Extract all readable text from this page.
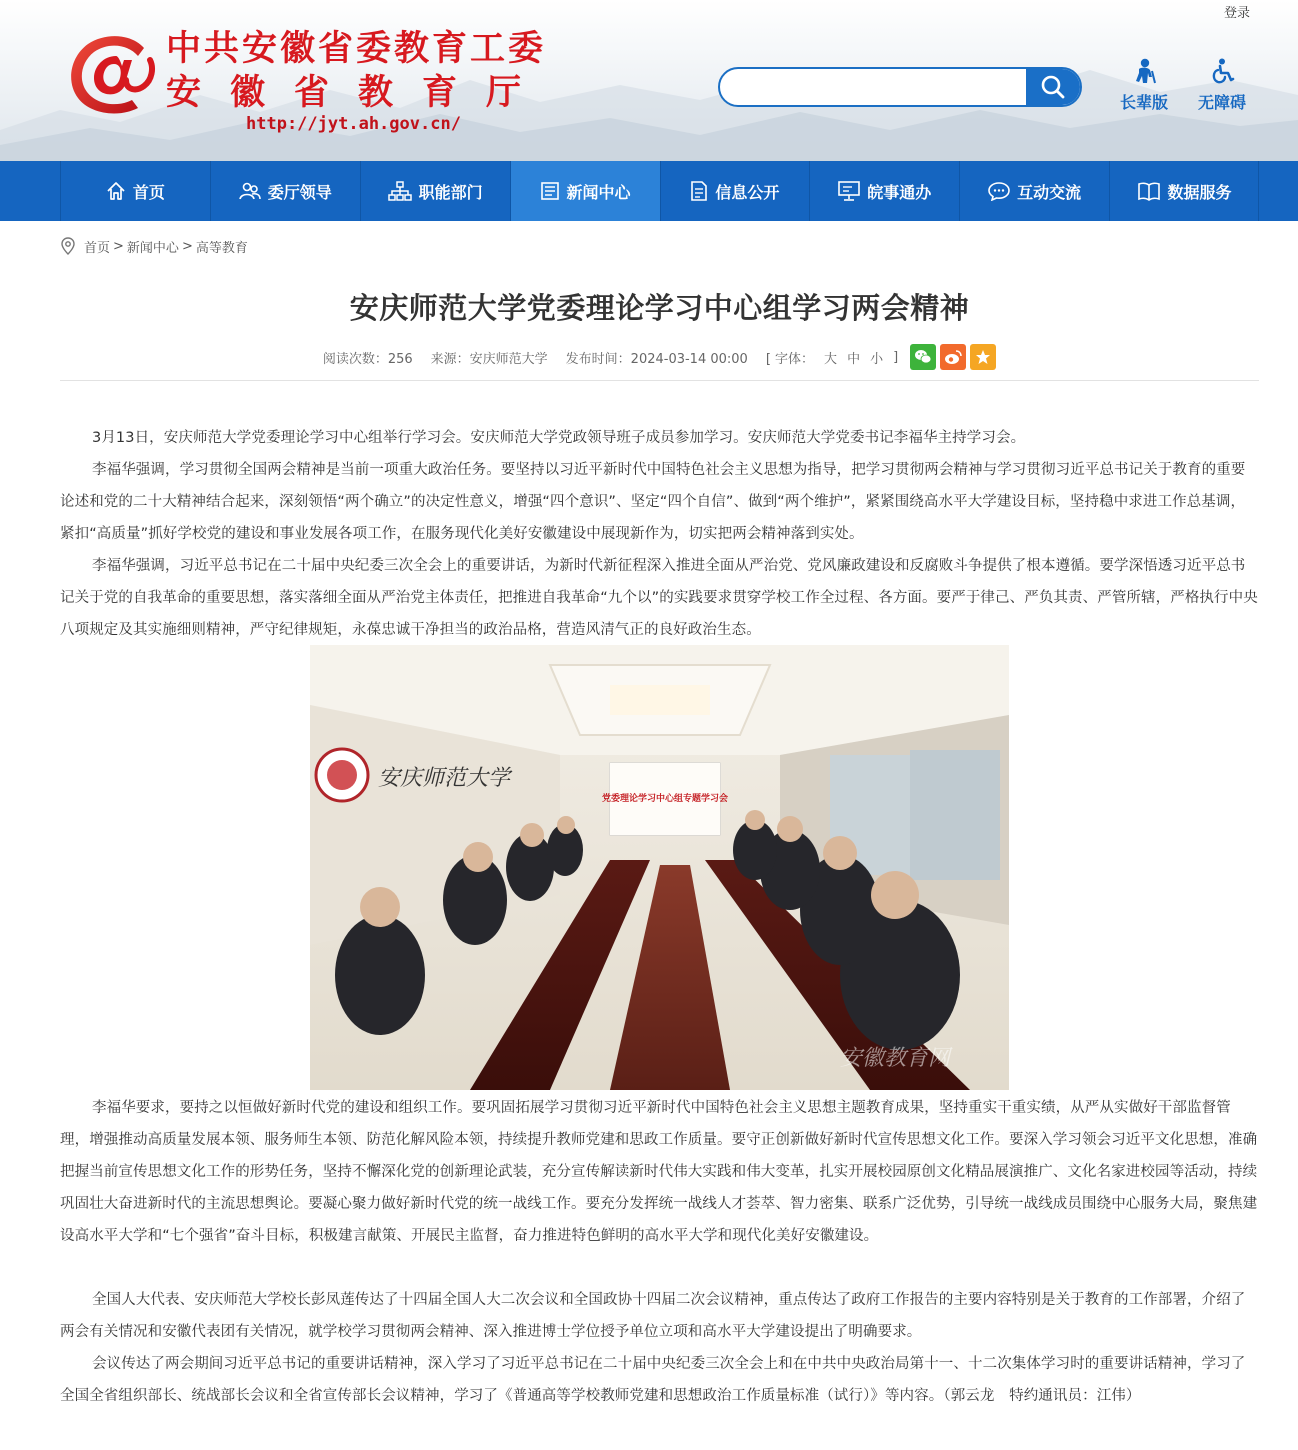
登录
中共安徽省委教育工委
安徽省教育厅
http://jyt.ah.gov.cn/
长辈版	无障碍
首页	委厅领导	职能部门	新闻中心	信息公开	皖事通办	互动交流	数据服务
首页 > 新闻中心 > 高等教育
安庆师范大学党委理论学习中心组学习两会精神
阅读次数：256 来源：安庆师范大学 发布时间：2024-03-14 00:00 [ 字体： 大 中 小 ]

3月13日，安庆师范大学党委理论学习中心组举行学习会。安庆师范大学党政领导班子成员参加学习。安庆师范大学党委书记李福华主持学习会。

李福华强调，学习贯彻全国两会精神是当前一项重大政治任务。要坚持以习近平新时代中国特色社会主义思想为指导，把学习贯彻两会精神与学习贯彻习近平总书记关于教育的重要论述和党的二十大精神结合起来，深刻领悟“两个确立”的决定性意义，增强“四个意识”、坚定“四个自信”、做到“两个维护”，紧紧围绕高水平大学建设目标，坚持稳中求进工作总基调，紧扣“高质量”抓好学校党的建设和事业发展各项工作，在服务现代化美好安徽建设中展现新作为，切实把两会精神落到实处。

李福华强调，习近平总书记在二十届中央纪委三次全会上的重要讲话，为新时代新征程深入推进全面从严治党、党风廉政建设和反腐败斗争提供了根本遵循。要学深悟透习近平总书记关于党的自我革命的重要思想，落实落细全面从严治党主体责任，把推进自我革命“九个以”的实践要求贯穿学校工作全过程、各方面。要严于律己、严负其责、严管所辖，严格执行中央八项规定及其实施细则精神，严守纪律规矩，永葆忠诚干净担当的政治品格，营造风清气正的良好政治生态。

党委理论学习中心组专题学习会
安庆师范大学
安徽教育网

李福华要求，要持之以恒做好新时代党的建设和组织工作。要巩固拓展学习贯彻习近平新时代中国特色社会主义思想主题教育成果，坚持重实干重实绩，从严从实做好干部监督管理，增强推动高质量发展本领、服务师生本领、防范化解风险本领，持续提升教师党建和思政工作质量。要守正创新做好新时代宣传思想文化工作。要深入学习领会习近平文化思想，准确把握当前宣传思想文化工作的形势任务，坚持不懈深化党的创新理论武装，充分宣传解读新时代伟大实践和伟大变革，扎实开展校园原创文化精品展演推广、文化名家进校园等活动，持续巩固壮大奋进新时代的主流思想舆论。要凝心聚力做好新时代党的统一战线工作。要充分发挥统一战线人才荟萃、智力密集、联系广泛优势，引导统一战线成员围绕中心服务大局，聚焦建设高水平大学和“七个强省”奋斗目标，积极建言献策、开展民主监督，奋力推进特色鲜明的高水平大学和现代化美好安徽建设。

全国人大代表、安庆师范大学校长彭凤莲传达了十四届全国人大二次会议和全国政协十四届二次会议精神，重点传达了政府工作报告的主要内容特别是关于教育的工作部署，介绍了两会有关情况和安徽代表团有关情况，就学校学习贯彻两会精神、深入推进博士学位授予单位立项和高水平大学建设提出了明确要求。

会议传达了两会期间习近平总书记的重要讲话精神，深入学习了习近平总书记在二十届中央纪委三次全会上和在中共中央政治局第十一、十二次集体学习时的重要讲话精神，学习了全国全省组织部长、统战部长会议和全省宣传部长会议精神，学习了《普通高等学校教师党建和思想政治工作质量标准（试行）》等内容。（郭云龙　特约通讯员：江伟）
